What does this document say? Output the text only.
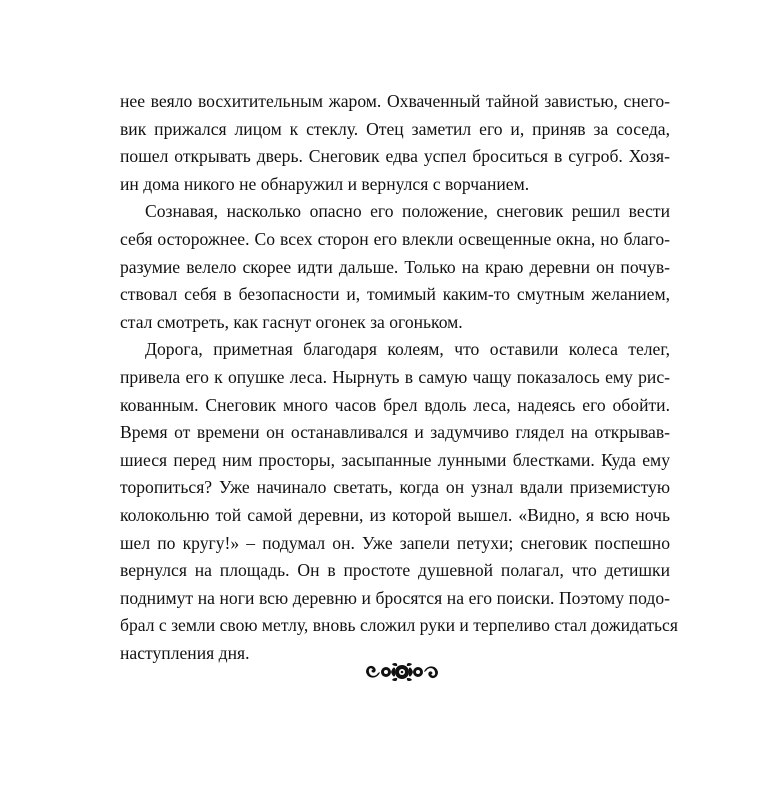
нее веяло восхитительным жаром. Охваченный тайной завистью, снего-
вик прижался лицом к стеклу. Отец заметил его и, приняв за соседа,
пошел открывать дверь. Снеговик едва успел броситься в сугроб. Хозя-
ин дома никого не обнаружил и вернулся с ворчанием.

Сознавая, насколько опасно его положение, снеговик решил вести
себя осторожнее. Со всех сторон его влекли освещенные окна, но благо-
разумие велело скорее идти дальше. Только на краю деревни он почув-
ствовал себя в безопасности и, томимый каким-то смутным желанием,
стал смотреть, как гаснут огонек за огоньком.

Дорога, приметная благодаря колеям, что оставили колеса телег,
привела его к опушке леса. Нырнуть в самую чащу показалось ему рис-
кованным. Снеговик много часов брел вдоль леса, надеясь его обойти.
Время от времени он останавливался и задумчиво глядел на открывав-
шиеся перед ним просторы, засыпанные лунными блестками. Куда ему
торопиться? Уже начинало светать, когда он узнал вдали приземистую
колокольню той самой деревни, из которой вышел. «Видно, я всю ночь
шел по кругу!» – подумал он. Уже запели петухи; снеговик поспешно
вернулся на площадь. Он в простоте душевной полагал, что детишки
поднимут на ноги всю деревню и бросятся на его поиски. Поэтому подо-
брал с земли свою метлу, вновь сложил руки и терпеливо стал дожидаться
наступления дня.
